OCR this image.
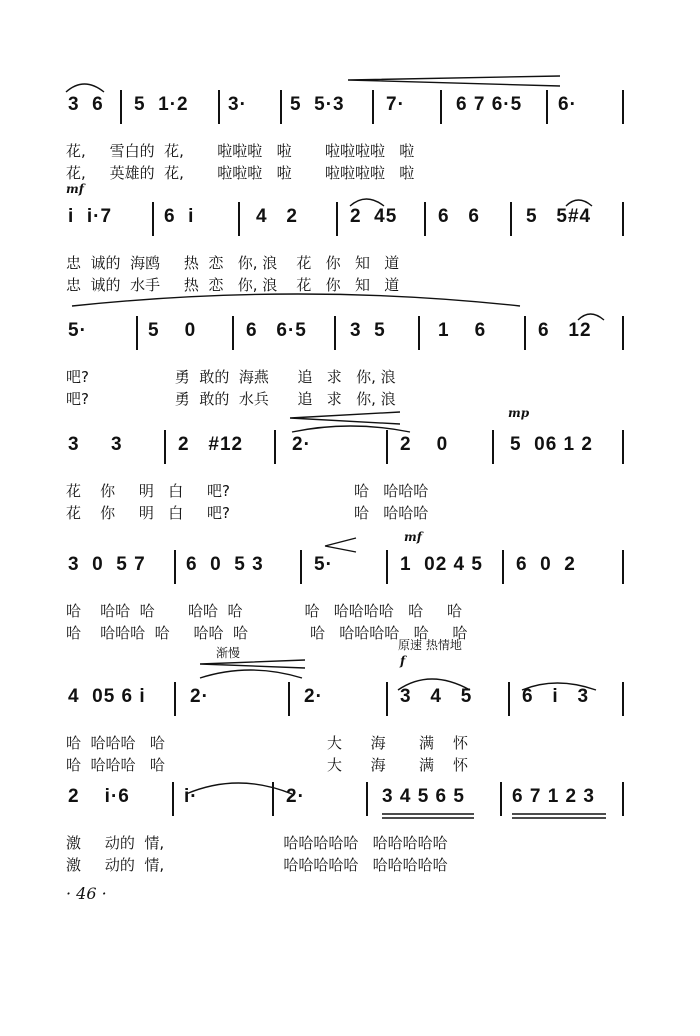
3  6 5  1·2 3· 5  5·3 7·	6 7 6·5 6·
花,     雪白的  花,       啦啦啦   啦       啦啦啦啦   啦
花,     英雄的  花,       啦啦啦   啦       啦啦啦啦   啦
mf
i  i·7	6  i	4   2	2  45 6   6 5   5#4
忠  诚的  海鸥     热  恋   你, 浪    花   你   知   道
忠  诚的  水手     热  恋   你, 浪    花   你   知   道
5·	5    0	6   6·5 3  5	1    6	6   12
吧?                  勇  敢的  海燕      追   求   你, 浪
吧?                  勇  敢的  水兵      追   求   你, 浪
mp
3     3	2   #12	2·	2    0	5  06 1 2
花    你     明   白     吧?                          哈   哈哈哈
花    你     明   白     吧?                          哈   哈哈哈
mf
3  0  5 7 6  0  5 3	5·	1  02 4 5 6  0  2
哈    哈哈  哈       哈哈  哈             哈   哈哈哈哈   哈     哈
哈    哈哈哈  哈     哈哈  哈             哈   哈哈哈哈   哈     哈
渐慢
原速 热情地
f
4  05 6 i 2·	2·	3   4   5	6   i   3
哈  哈哈哈   哈                                  大      海       满    怀
哈  哈哈哈   哈                                  大      海       满    怀
2    i·6	i·	2·	3 4 5 6 5 6 7 1 2 3
激     动的  情,                         哈哈哈哈哈   哈哈哈哈哈
激     动的  情,                         哈哈哈哈哈   哈哈哈哈哈
· 46 ·
